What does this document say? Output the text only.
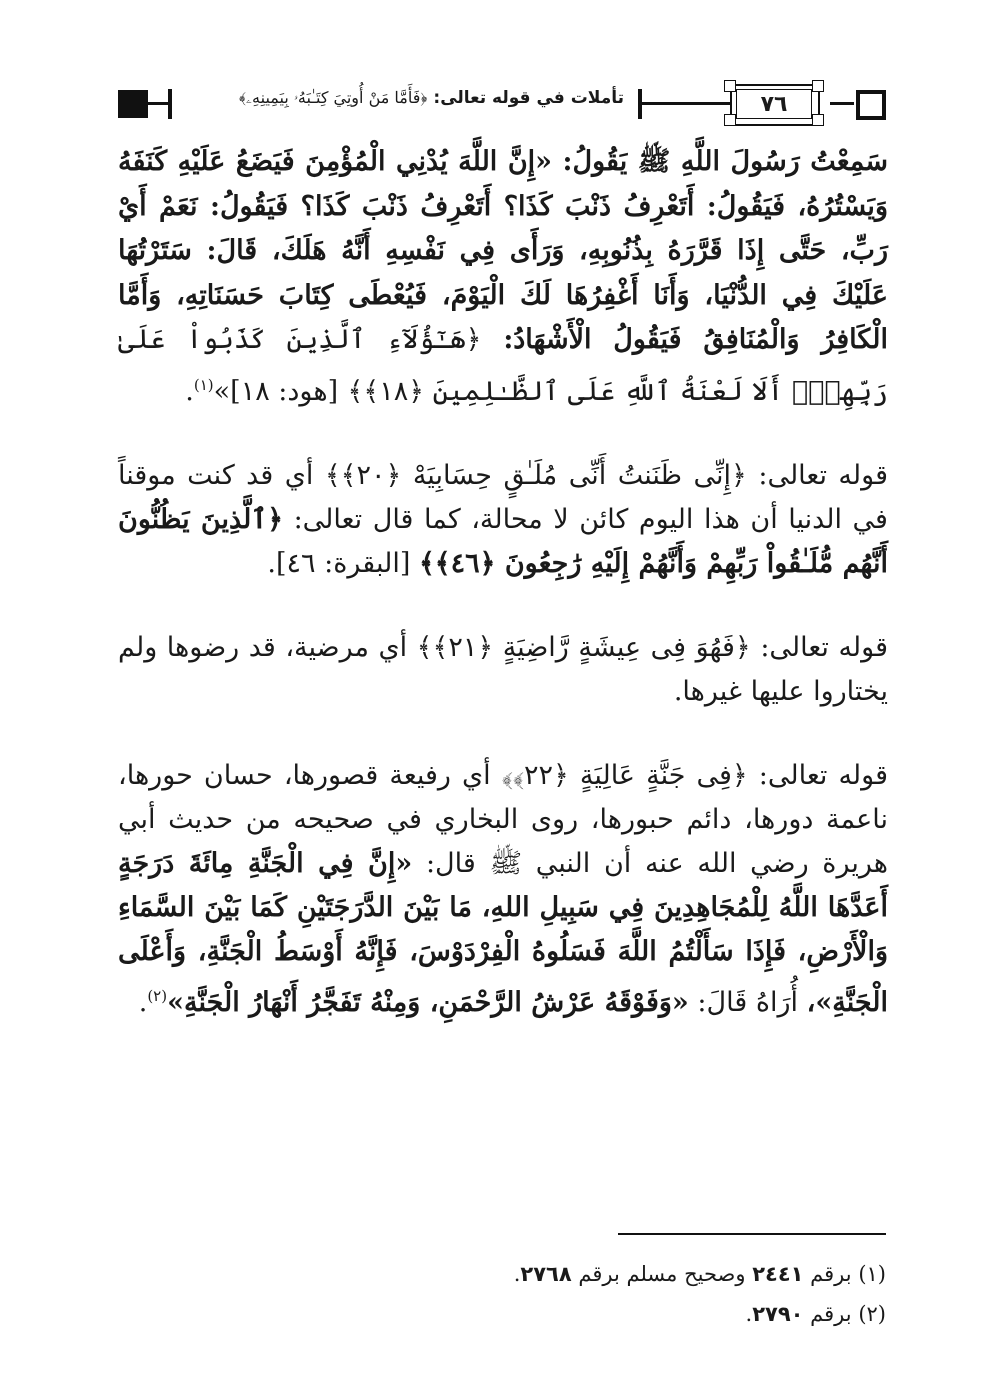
تأملات في قوله تعالى: ﴿فَأَمَّا مَنْ أُوتِيَ كِتَـٰبَهُۥ بِيَمِينِهِۦ﴾	٧٦

سَمِعْتُ رَسُولَ اللَّهِ ﷺ يَقُولُ: «إِنَّ اللَّهَ يُدْنِي الْمُؤْمِنَ فَيَضَعُ عَلَيْهِ كَنَفَهُ وَيَسْتُرُهُ، فَيَقُولُ: أَتَعْرِفُ ذَنْبَ كَذَا؟ أَتَعْرِفُ ذَنْبَ كَذَا؟ فَيَقُولُ: نَعَمْ أَيْ رَبِّ، حَتَّى إِذَا قَرَّرَهُ بِذُنُوبِهِ، وَرَأَى فِي نَفْسِهِ أَنَّهُ هَلَكَ، قَالَ: سَتَرْتُهَا عَلَيْكَ فِي الدُّنْيَا، وَأَنَا أَغْفِرُهَا لَكَ الْيَوْمَ، فَيُعْطَى كِتَابَ حَسَنَاتِهِ، وَأَمَّا الْكَافِرُ وَالْمُنَافِقُ فَيَقُولُ الْأَشْهَادُ: ﴿هَـٰٓؤُلَآءِ ٱلَّذِينَ كَذَبُواْ عَلَىٰ رَبِّهِمْۚ أَلَا لَعْنَةُ ٱللَّهِ عَلَى ٱلظَّـٰلِمِينَ ﴿١٨﴾﴾ [هود: ١٨]»$^{(١)}$.

قوله تعالى: ﴿إِنِّى ظَنَنتُ أَنِّى مُلَـٰقٍ حِسَابِيَهْ ﴿٢٠﴾﴾ أي قد كنت موقناً في الدنيا أن هذا اليوم كائن لا محالة، كما قال تعالى: ﴿ٱلَّذِينَ يَظُنُّونَ أَنَّهُم مُّلَـٰقُواْ رَبِّهِمْ وَأَنَّهُمْ إِلَيْهِ رَٰجِعُونَ ﴿٤٦﴾﴾ [البقرة: ٤٦].

قوله تعالى: ﴿فَهُوَ فِى عِيشَةٍ رَّاضِيَةٍ ﴿٢١﴾﴾ أي مرضية، قد رضوها ولم يختاروا عليها غيرها.

قوله تعالى: ﴿فِى جَنَّةٍ عَالِيَةٍ ﴿٢٢﴾﴾ أي رفيعة قصورها، حسان حورها، ناعمة دورها، دائم حبورها، روى البخاري في صحيحه من حديث أبي هريرة رضي الله عنه أن النبي ﷺ قال: «إِنَّ فِي الْجَنَّةِ مِائَةَ دَرَجَةٍ أَعَدَّهَا اللَّهُ لِلْمُجَاهِدِينَ فِي سَبِيلِ اللهِ، مَا بَيْنَ الدَّرَجَتَيْنِ كَمَا بَيْنَ السَّمَاءِ وَالْأَرْضِ، فَإِذَا سَأَلْتُمُ اللَّهَ فَسَلُوهُ الْفِرْدَوْسَ، فَإِنَّهُ أَوْسَطُ الْجَنَّةِ، وَأَعْلَى الْجَنَّةِ»، أُرَاهُ قَالَ: «وَفَوْقَهُ عَرْشُ الرَّحْمَنِ، وَمِنْهُ تَفَجَّرُ أَنْهَارُ الْجَنَّةِ»$^{(٢)}$.

(١) برقم ٢٤٤١ وصحيح مسلم برقم ٢٧٦٨.
(٢) برقم ٢٧٩٠.
